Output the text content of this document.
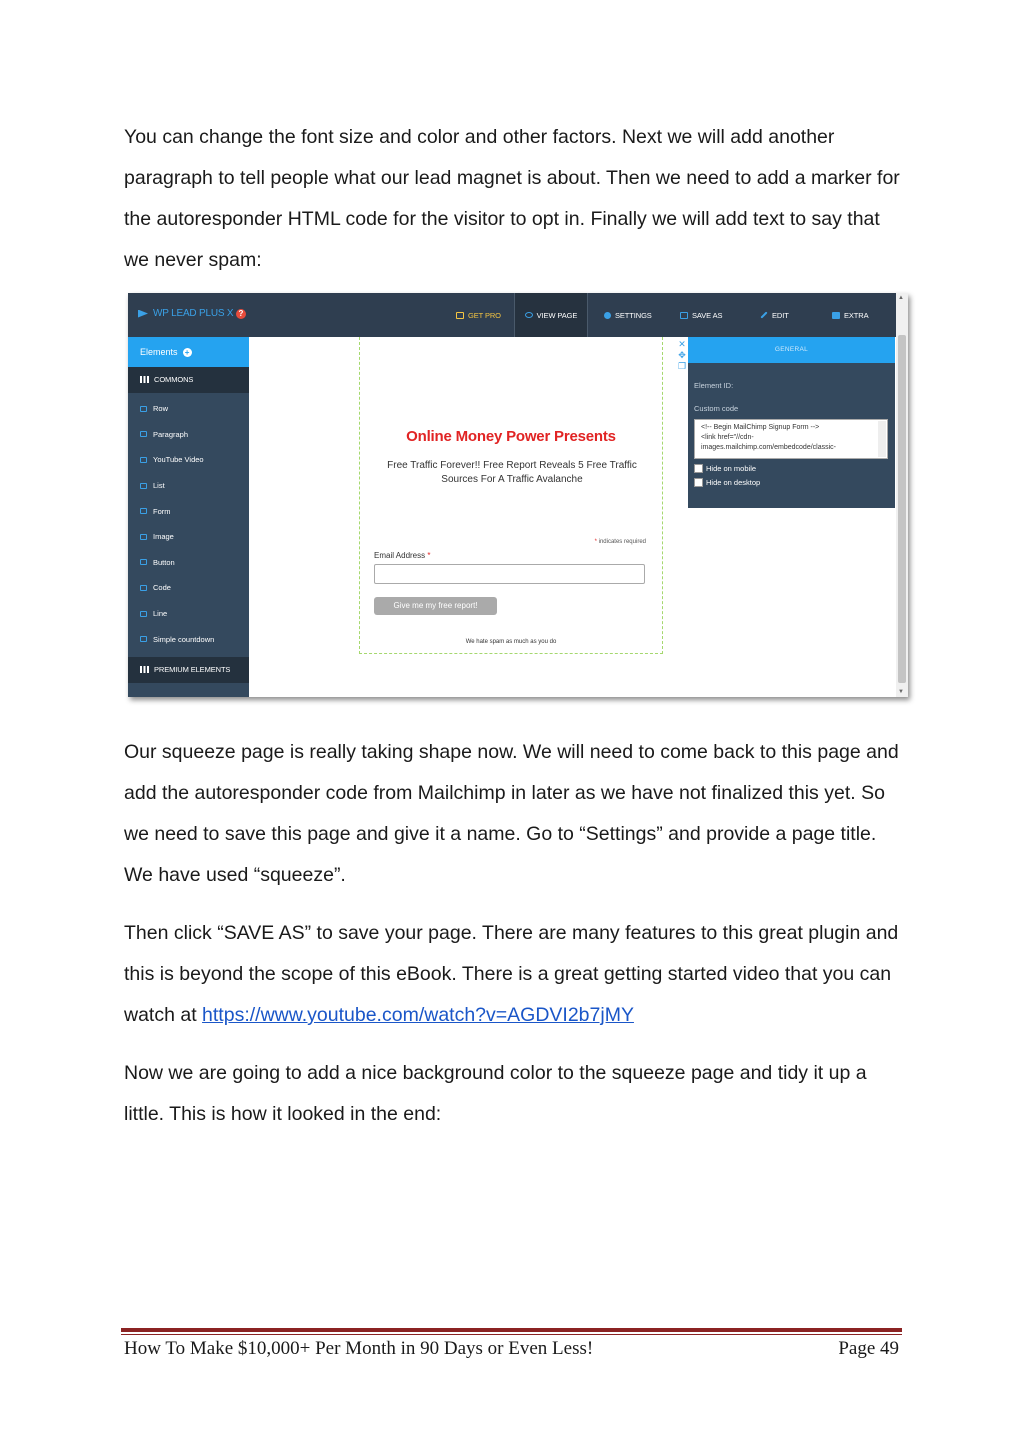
You can change the font size and color and other factors. Next we will add another paragraph to tell people what our lead magnet is about. Then we need to add a marker for the autoresponder HTML code for the visitor to opt in. Finally we will add text to say that we never spam:

WP LEAD PLUS X ?	GET PRO	VIEW PAGE	SETTINGS	SAVE AS	EDIT	EXTRA
Elements +
COMMONS
Row
Paragraph
YouTube Video
List
Form
Image
Button
Code
Line
Simple countdown
PREMIUM ELEMENTS
Online Money Power Presents
Free Traffic Forever!! Free Report Reveals 5 Free Traffic Sources For A Traffic Avalanche
* indicates required
Email Address *
Give me my free report!
We hate spam as much as you do
✕
✥
❐
GENERAL
Element ID:
Custom code
<!-- Begin MailChimp Signup Form -->
<link href="//cdn-
images.mailchimp.com/embedcode/classic-
Hide on mobile
Hide on desktop
▲
▼

Our squeeze page is really taking shape now. We will need to come back to this page and add the autoresponder code from Mailchimp in later as we have not finalized this yet. So we need to save this page and give it a name. Go to “Settings” and provide a page title. We have used “squeeze”.

Then click “SAVE AS” to save your page. There are many features to this great plugin and this is beyond the scope of this eBook. There is a great getting started video that you can watch at https://www.youtube.com/watch?v=AGDVI2b7jMY

Now we are going to add a nice background color to the squeeze page and tidy it up a little. This is how it looked in the end:

How To Make $10,000+ Per Month in 90 Days or Even Less!	Page 49
